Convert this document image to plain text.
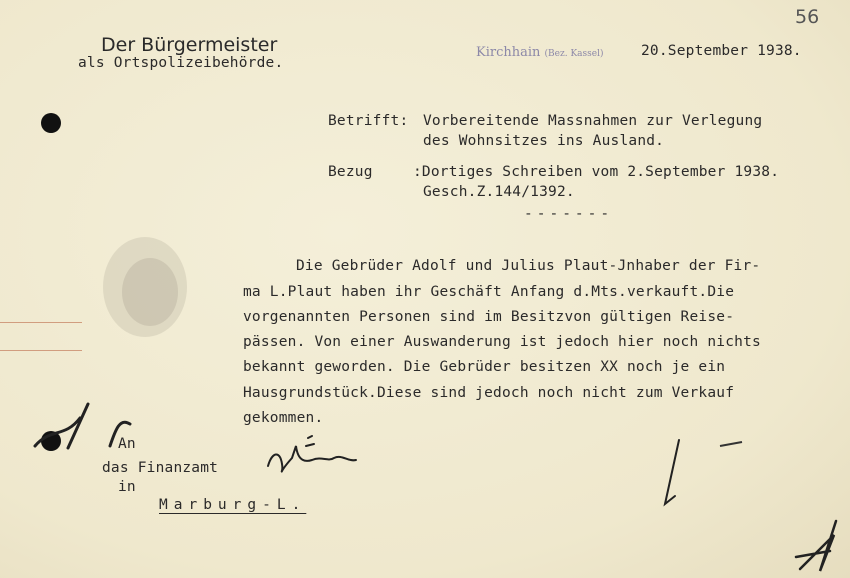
56
Der Bürgermeister
als Ortspolizeibehörde.
Kirchhain (Bez. Kassel)	20.September 1938.
Betrifft: Vorbereitende Massnahmen zur Verlegung
des Wohnsitzes ins Ausland.
Bezug	:Dortiges Schreiben vom 2.September 1938.
Gesch.Z.144/1392.
-------
Die Gebrüder Adolf und Julius Plaut-Jnhaber der Fir-
ma L.Plaut haben ihr Geschäft Anfang d.Mts.verkauft.Die
vorgenannten Personen sind im Besitzvon gültigen Reise-
pässen. Von einer Auswanderung ist jedoch hier noch nichts
bekannt geworden. Die Gebrüder besitzen XX noch je ein
Hausgrundstück.Diese sind jedoch noch nicht zum Verkauf
gekommen.
An
das Finanzamt
in
Marburg-L.
